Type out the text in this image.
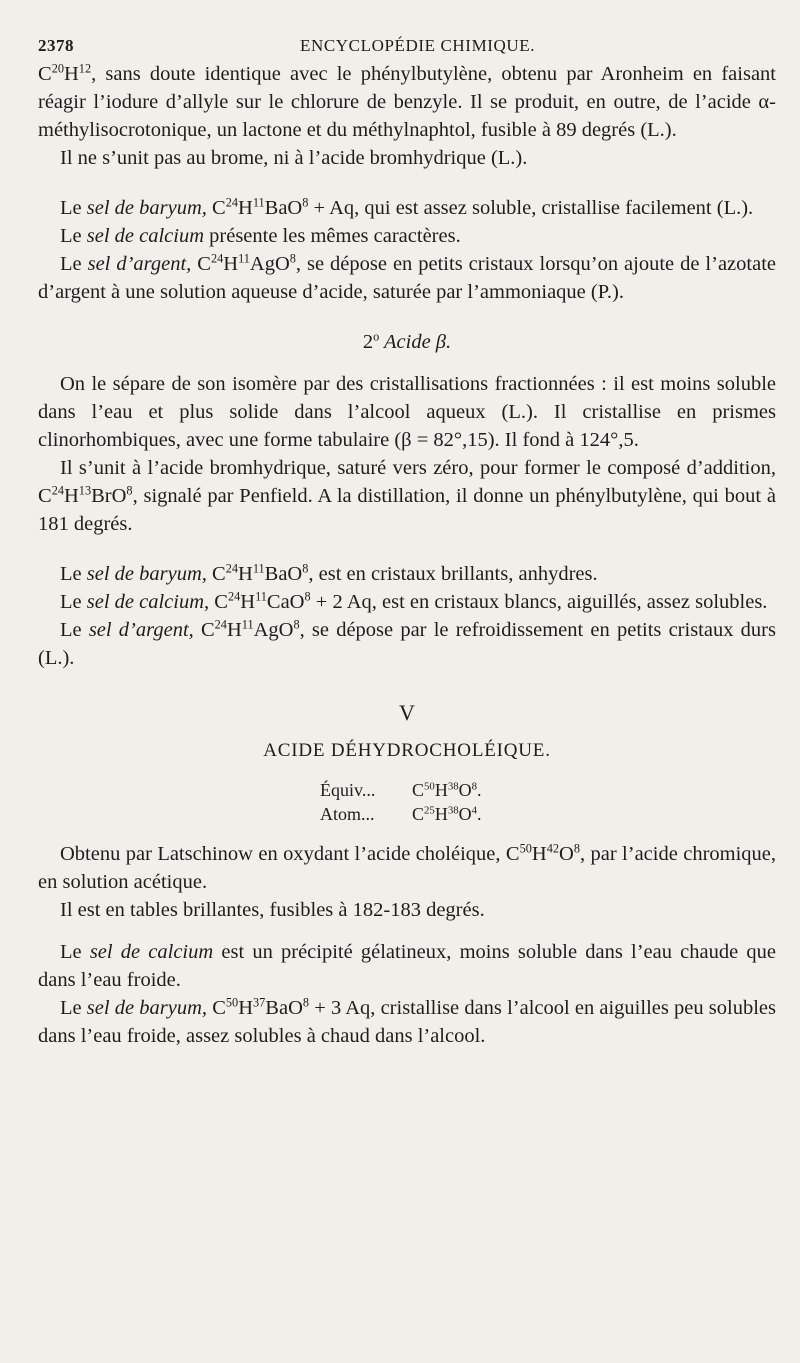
2378	ENCYCLOPÉDIE CHIMIQUE.

$C^{20}H^{12}$, sans doute identique avec le phénylbutylène, obtenu par Aronheim en faisant réagir l’iodure d’allyle sur le chlorure de benzyle. Il se produit, en outre, de l’acide α-méthylisocrotonique, un lactone et du méthylnaphtol, fusible à 89 degrés (L.).

Il ne s’unit pas au brome, ni à l’acide bromhydrique (L.).

Le sel de baryum, $C^{24}H^{11}BaO^8 + Aq$, qui est assez soluble, cristallise facilement (L.).

Le sel de calcium présente les mêmes caractères.

Le sel d’argent, $C^{24}H^{11}AgO^8$, se dépose en petits cristaux lorsqu’on ajoute de l’azotate d’argent à une solution aqueuse d’acide, saturée par l’ammoniaque (P.).

2$^o$ Acide β.

On le sépare de son isomère par des cristallisations fractionnées : il est moins soluble dans l’eau et plus solide dans l’alcool aqueux (L.). Il cristallise en prismes clinorhombiques, avec une forme tabulaire (β = 82°,15). Il fond à 124°,5.

Il s’unit à l’acide bromhydrique, saturé vers zéro, pour former le composé d’addition, $C^{24}H^{13}BrO^8$, signalé par Penfield. A la distillation, il donne un phénylbutylène, qui bout à 181 degrés.

Le sel de baryum, $C^{24}H^{11}BaO^8$, est en cristaux brillants, anhydres.

Le sel de calcium, $C^{24}H^{11}CaO^8 + 2$ Aq, est en cristaux blancs, aiguillés, assez solubles.

Le sel d’argent, $C^{24}H^{11}AgO^8$, se dépose par le refroidissement en petits cristaux durs (L.).

V
ACIDE DÉHYDROCHOLÉIQUE.
Équiv... $C^{50}H^{38}O^8$.
Atom... $C^{25}H^{38}O^4$.

Obtenu par Latschinow en oxydant l’acide choléique, $C^{50}H^{42}O^8$, par l’acide chromique, en solution acétique.

Il est en tables brillantes, fusibles à 182-183 degrés.

Le sel de calcium est un précipité gélatineux, moins soluble dans l’eau chaude que dans l’eau froide.

Le sel de baryum, $C^{50}H^{37}BaO^8 + 3$ Aq, cristallise dans l’alcool en aiguilles peu solubles dans l’eau froide, assez solubles à chaud dans l’alcool.
